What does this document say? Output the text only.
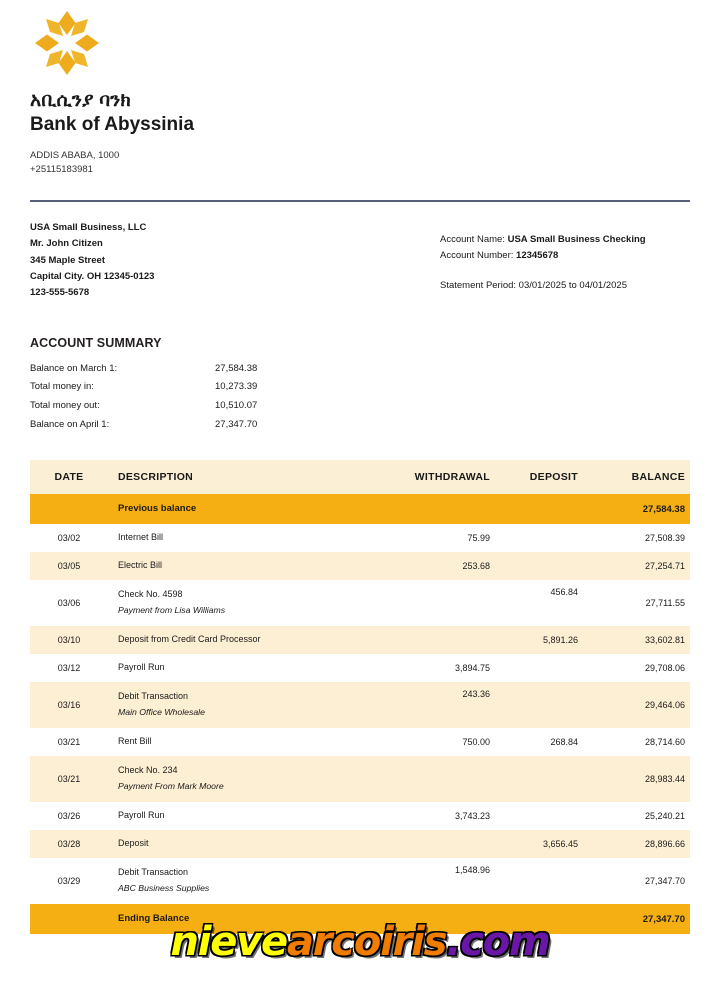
አቢሲንያ ባንክ
Bank of Abyssinia
ADDIS ABABA, 1000
+25115183981
USA Small Business, LLC
Mr. John Citizen
345 Maple Street
Capital City. OH 12345-0123
123-555-5678
Account Name: USA Small Business Checking
Account Number: 12345678
Statement Period: 03/01/2025 to 04/01/2025
ACCOUNT SUMMARY
Balance on March 1:	27,584.38
Total money in:	10,273.39
Total money out:	10,510.07
Balance on April 1:	27,347.70
DATE	DESCRIPTION	WITHDRAWAL	DEPOSIT	BALANCE
	Previous balance			27,584.38
03/02	Internet Bill	75.99		27,508.39
03/05	Electric Bill	253.68		27,254.71
03/06	Check No. 4598
Payment from Lisa Williams		456.84	27,711.55
03/10	Deposit from Credit Card Processor		5,891.26	33,602.81
03/12	Payroll Run	3,894.75		29,708.06
03/16	Debit Transaction
Main Office Wholesale	243.36		29,464.06
03/21	Rent Bill	750.00	268.84	28,714.60
03/21	Check No. 234
Payment From Mark Moore			28,983.44
03/26	Payroll Run	3,743.23		25,240.21
03/28	Deposit		3,656.45	28,896.66
03/29	Debit Transaction
ABC Business Supplies	1,548.96		27,347.70
	Ending Balance			27,347.70
nievearcoiris.com
